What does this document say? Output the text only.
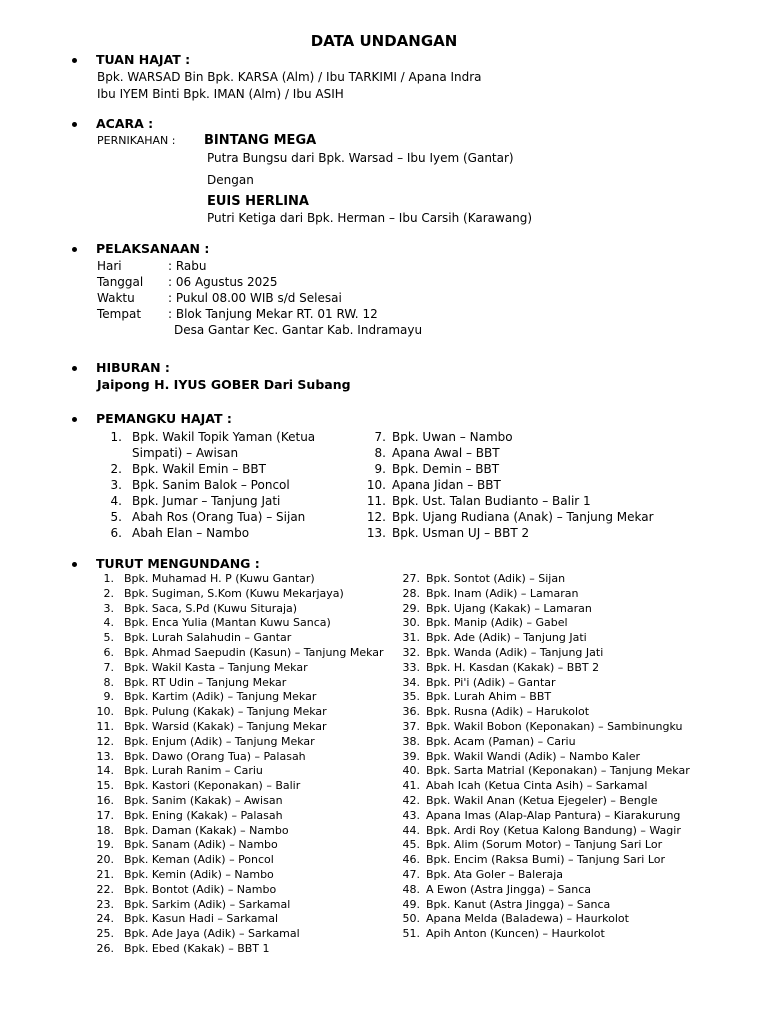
DATA UNDANGAN
TUAN HAJAT :
Bpk. WARSAD Bin Bpk. KARSA (Alm) / Ibu TARKIMI / Apana Indra
Ibu IYEM Binti Bpk. IMAN (Alm) / Ibu ASIH
ACARA :
PERNIKAHAN : BINTANG MEGA
Putra Bungsu dari Bpk. Warsad – Ibu Iyem (Gantar)
Dengan
EUIS HERLINA
Putri Ketiga dari Bpk. Herman – Ibu Carsih (Karawang)
PELAKSANAAN :
Hari	: Rabu
Tanggal : 06 Agustus 2025
Waktu	: Pukul 08.00 WIB s/d Selesai
Tempat : Blok Tanjung Mekar RT. 01 RW. 12
Desa Gantar Kec. Gantar Kab. Indramayu
HIBURAN :
Jaipong H. IYUS GOBER Dari Subang
PEMANGKU HAJAT :
1. Bpk. Wakil Topik Yaman (Ketua
Simpati) – Awisan
2. Bpk. Wakil Emin – BBT
3. Bpk. Sanim Balok – Poncol
4. Bpk. Jumar – Tanjung Jati
5. Abah Ros (Orang Tua) – Sijan
6. Abah Elan – Nambo
7. Bpk. Uwan – Nambo
8. Apana Awal – BBT
9. Bpk. Demin – BBT
10. Apana Jidan – BBT
11. Bpk. Ust. Talan Budianto – Balir 1
12. Bpk. Ujang Rudiana (Anak) – Tanjung Mekar
13. Bpk. Usman UJ – BBT 2
TURUT MENGUNDANG :
1. Bpk. Muhamad H. P (Kuwu Gantar)
2. Bpk. Sugiman, S.Kom (Kuwu Mekarjaya)
3. Bpk. Saca, S.Pd (Kuwu Situraja)
4. Bpk. Enca Yulia (Mantan Kuwu Sanca)
5. Bpk. Lurah Salahudin – Gantar
6. Bpk. Ahmad Saepudin (Kasun) – Tanjung Mekar
7. Bpk. Wakil Kasta – Tanjung Mekar
8. Bpk. RT Udin – Tanjung Mekar
9. Bpk. Kartim (Adik) – Tanjung Mekar
10. Bpk. Pulung (Kakak) – Tanjung Mekar
11. Bpk. Warsid (Kakak) – Tanjung Mekar
12. Bpk. Enjum (Adik) – Tanjung Mekar
13. Bpk. Dawo (Orang Tua) – Palasah
14. Bpk. Lurah Ranim – Cariu
15. Bpk. Kastori (Keponakan) – Balir
16. Bpk. Sanim (Kakak) – Awisan
17. Bpk. Ening (Kakak) – Palasah
18. Bpk. Daman (Kakak) – Nambo
19. Bpk. Sanam (Adik) – Nambo
20. Bpk. Keman (Adik) – Poncol
21. Bpk. Kemin (Adik) – Nambo
22. Bpk. Bontot (Adik) – Nambo
23. Bpk. Sarkim (Adik) – Sarkamal
24. Bpk. Kasun Hadi – Sarkamal
25. Bpk. Ade Jaya (Adik) – Sarkamal
26. Bpk. Ebed (Kakak) – BBT 1
27. Bpk. Sontot (Adik) – Sijan
28. Bpk. Inam (Adik) – Lamaran
29. Bpk. Ujang (Kakak) – Lamaran
30. Bpk. Manip (Adik) – Gabel
31. Bpk. Ade (Adik) – Tanjung Jati
32. Bpk. Wanda (Adik) – Tanjung Jati
33. Bpk. H. Kasdan (Kakak) – BBT 2
34. Bpk. Pi'i (Adik) – Gantar
35. Bpk. Lurah Ahim – BBT
36. Bpk. Rusna (Adik) – Harukolot
37. Bpk. Wakil Bobon (Keponakan) – Sambinungku
38. Bpk. Acam (Paman) – Cariu
39. Bpk. Wakil Wandi (Adik) – Nambo Kaler
40. Bpk. Sarta Matrial (Keponakan) – Tanjung Mekar
41. Abah Icah (Ketua Cinta Asih) – Sarkamal
42. Bpk. Wakil Anan (Ketua Ejegeler) – Bengle
43. Apana Imas (Alap-Alap Pantura) – Kiarakurung
44. Bpk. Ardi Roy (Ketua Kalong Bandung) – Wagir
45. Bpk. Alim (Sorum Motor) – Tanjung Sari Lor
46. Bpk. Encim (Raksa Bumi) – Tanjung Sari Lor
47. Bpk. Ata Goler – Baleraja
48. A Ewon (Astra Jingga) – Sanca
49. Bpk. Kanut (Astra Jingga) – Sanca
50. Apana Melda (Baladewa) – Haurkolot
51. Apih Anton (Kuncen) – Haurkolot
